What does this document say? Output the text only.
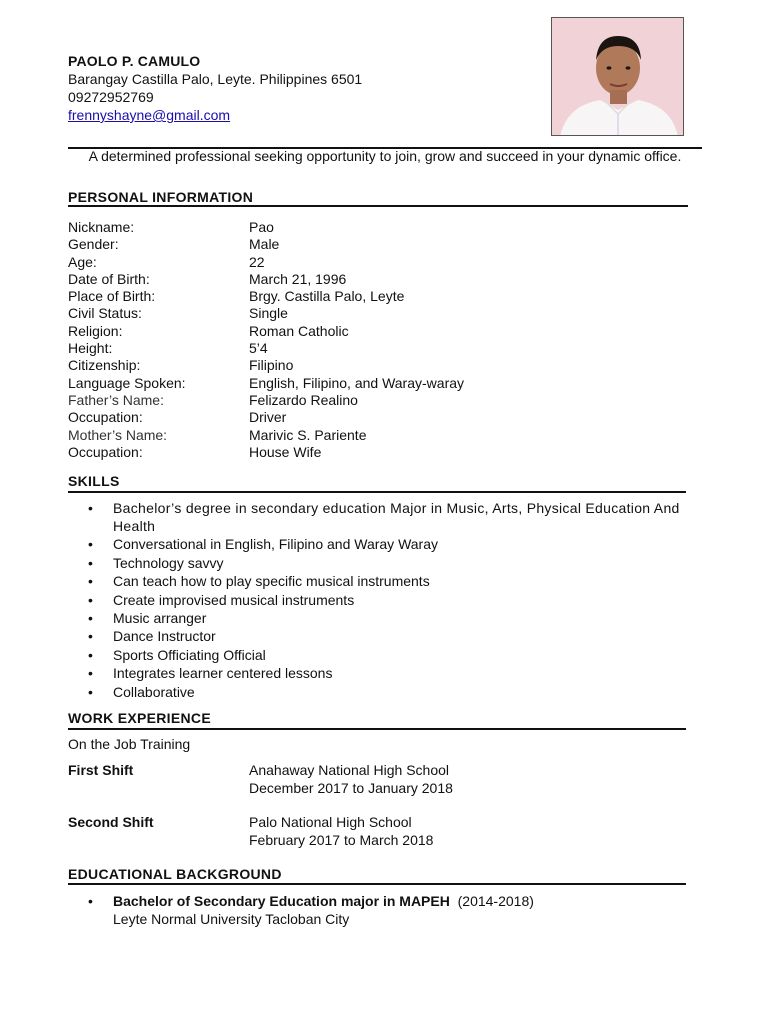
PAOLO P. CAMULO
Barangay Castilla Palo, Leyte. Philippines 6501
09272952769
frennyshayne@gmail.com
A determined professional seeking opportunity to join, grow and succeed in your dynamic office.
PERSONAL INFORMATION
Nickname:	Pao
Gender:	Male
Age:	22
Date of Birth:	March 21, 1996
Place of Birth:	Brgy. Castilla Palo, Leyte
Civil Status:	Single
Religion:	Roman Catholic
Height:	5’4
Citizenship:	Filipino
Language Spoken:	English, Filipino, and Waray-waray
Father’s Name:	Felizardo Realino
Occupation:	Driver
Mother’s Name:	Marivic S. Pariente
Occupation:	House Wife
SKILLS
• Bachelor’s degree in secondary education Major in Music, Arts, Physical Education And Health
• Conversational in English, Filipino and Waray Waray
• Technology savvy
• Can teach how to play specific musical instruments
• Create improvised musical instruments
• Music arranger
• Dance Instructor
• Sports Officiating Official
• Integrates learner centered lessons
• Collaborative
WORK EXPERIENCE
On the Job Training
First Shift	Anahaway National High School
December 2017 to January 2018
Second Shift	Palo National High School
February 2017 to March 2018
EDUCATIONAL BACKGROUND
• Bachelor of Secondary Education major in MAPEH (2014-2018)
Leyte Normal University Tacloban City
